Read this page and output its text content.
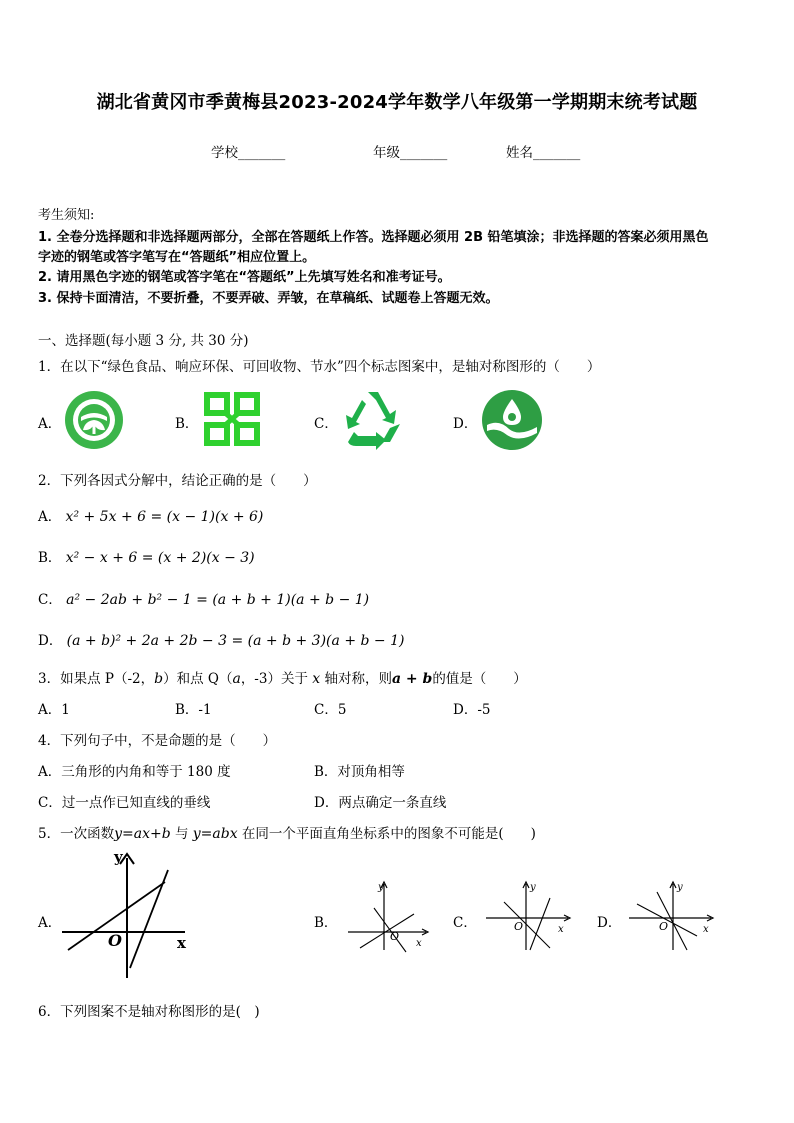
湖北省黄冈市季黄梅县2023-2024学年数学八年级第一学期期末统考试题
学校_______	年级_______	姓名_______
考生须知:
1. 全卷分选择题和非选择题两部分，全部在答题纸上作答。选择题必须用 2B 铅笔填涂；非选择题的答案必须用黑色
字迹的钢笔或答字笔写在“答题纸”相应位置上。
2. 请用黑色字迹的钢笔或答字笔在“答题纸”上先填写姓名和准考证号。
3. 保持卡面清洁，不要折叠，不要弄破、弄皱，在草稿纸、试题卷上答题无效。
一、选择题(每小题 3 分, 共 30 分)
1．在以下“绿色食品、响应环保、可回收物、节水”四个标志图案中，是轴对称图形的（　　）
A．	B．	C．	D．
2．下列各因式分解中，结论正确的是（　　）
A． x² + 5x + 6 = (x − 1)(x + 6)
B． x² − x + 6 = (x + 2)(x − 3)
C． a² − 2ab + b² − 1 = (a + b + 1)(a + b − 1)
D． (a + b)² + 2a + 2b − 3 = (a + b + 3)(a + b − 1)
3．如果点 P（-2，b）和点 Q（a，-3）关于 x 轴对称，则a + b的值是（　　）
A．1	B．-1	C．5	D．-5
4．下列句子中，不是命题的是（　　）
A．三角形的内角和等于 180 度	B．对顶角相等
C．过一点作已知直线的垂线	D．两点确定一条直线
5．一次函数y=ax+b 与 y=abx 在同一个平面直角坐标系中的图象不可能是(　　)
A．	B．	C．	D．
O	x
y
O
x
y
O	x
y
O	x
y
6．下列图案不是轴对称图形的是(　)
